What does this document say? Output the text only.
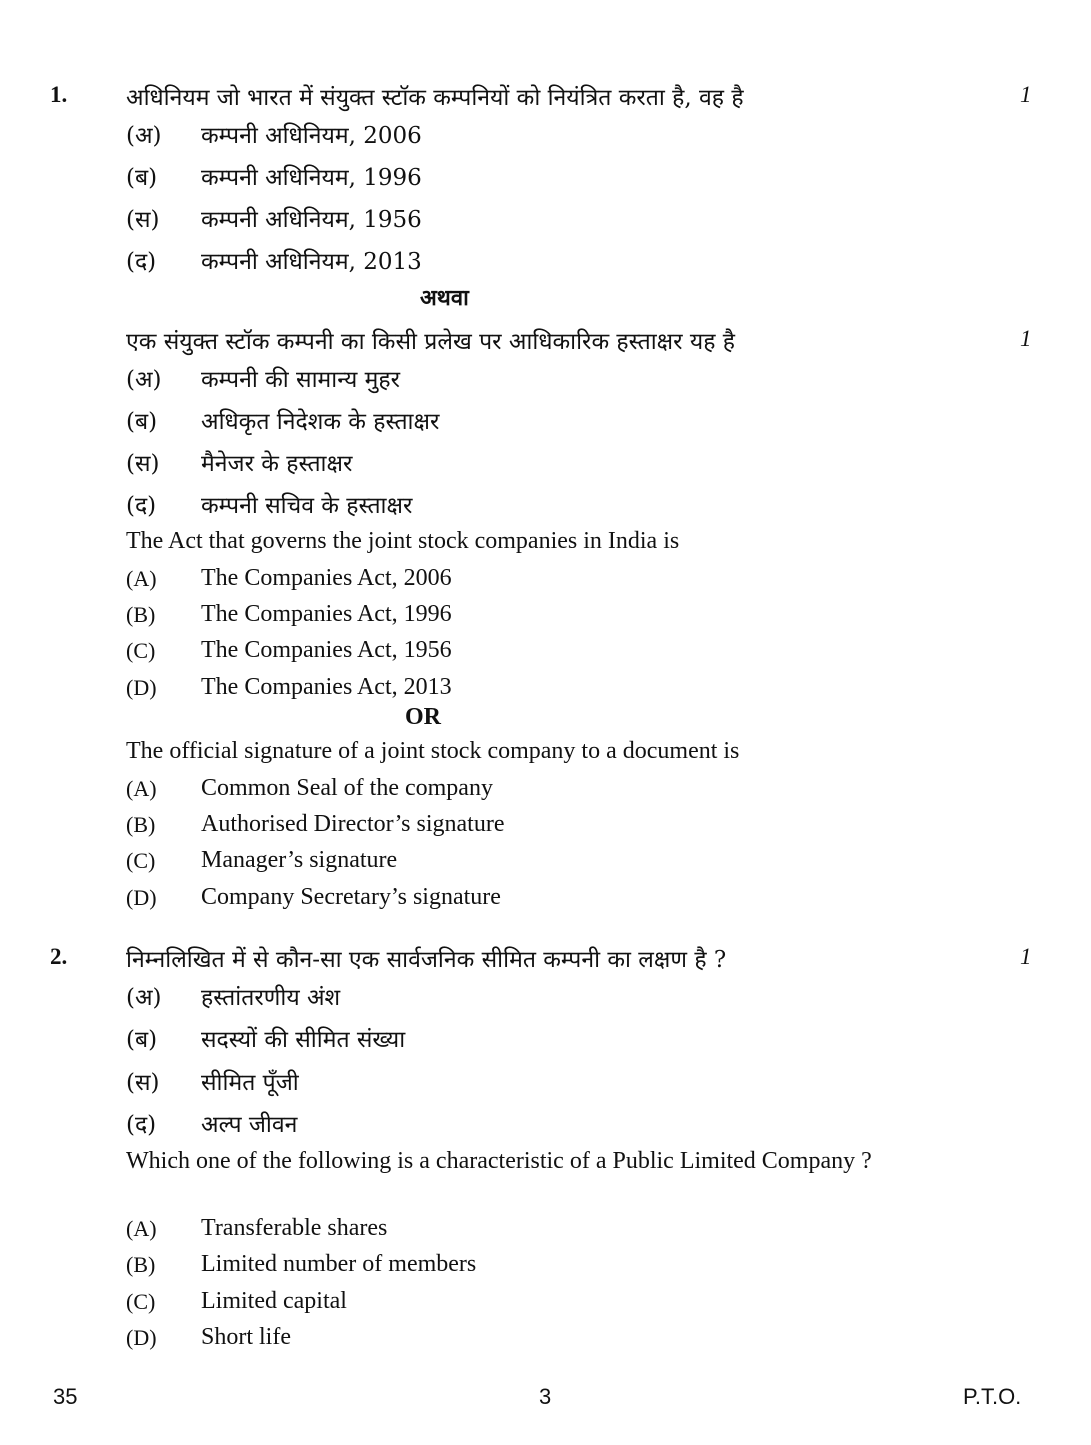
1.	अधिनियम जो भारत में संयुक्त स्टॉक कम्पनियों को नियंत्रित करता है, वह है	1
(अ) कम्पनी अधिनियम, 2006
(ब) कम्पनी अधिनियम, 1996
(स) कम्पनी अधिनियम, 1956
(द) कम्पनी अधिनियम, 2013
अथवा
एक संयुक्त स्टॉक कम्पनी का किसी प्रलेख पर आधिकारिक हस्ताक्षर यह है	1
(अ) कम्पनी की सामान्य मुहर
(ब) अधिकृत निदेशक के हस्ताक्षर
(स) मैनेजर के हस्ताक्षर
(द) कम्पनी सचिव के हस्ताक्षर
The Act that governs the joint stock companies in India is
(A) The Companies Act, 2006
(B) The Companies Act, 1996
(C) The Companies Act, 1956
(D) The Companies Act, 2013
OR
The official signature of a joint stock company to a document is
(A) Common Seal of the company
(B) Authorised Director’s signature
(C) Manager’s signature
(D) Company Secretary’s signature
2.	निम्नलिखित में से कौन-सा एक सार्वजनिक सीमित कम्पनी का लक्षण है ?	1
(अ) हस्तांतरणीय अंश
(ब) सदस्यों की सीमित संख्या
(स) सीमित पूँजी
(द) अल्प जीवन
Which one of the following is a characteristic of a Public Limited Company ?
(A) Transferable shares
(B) Limited number of members
(C) Limited capital
(D) Short life
35	3	P.T.O.
